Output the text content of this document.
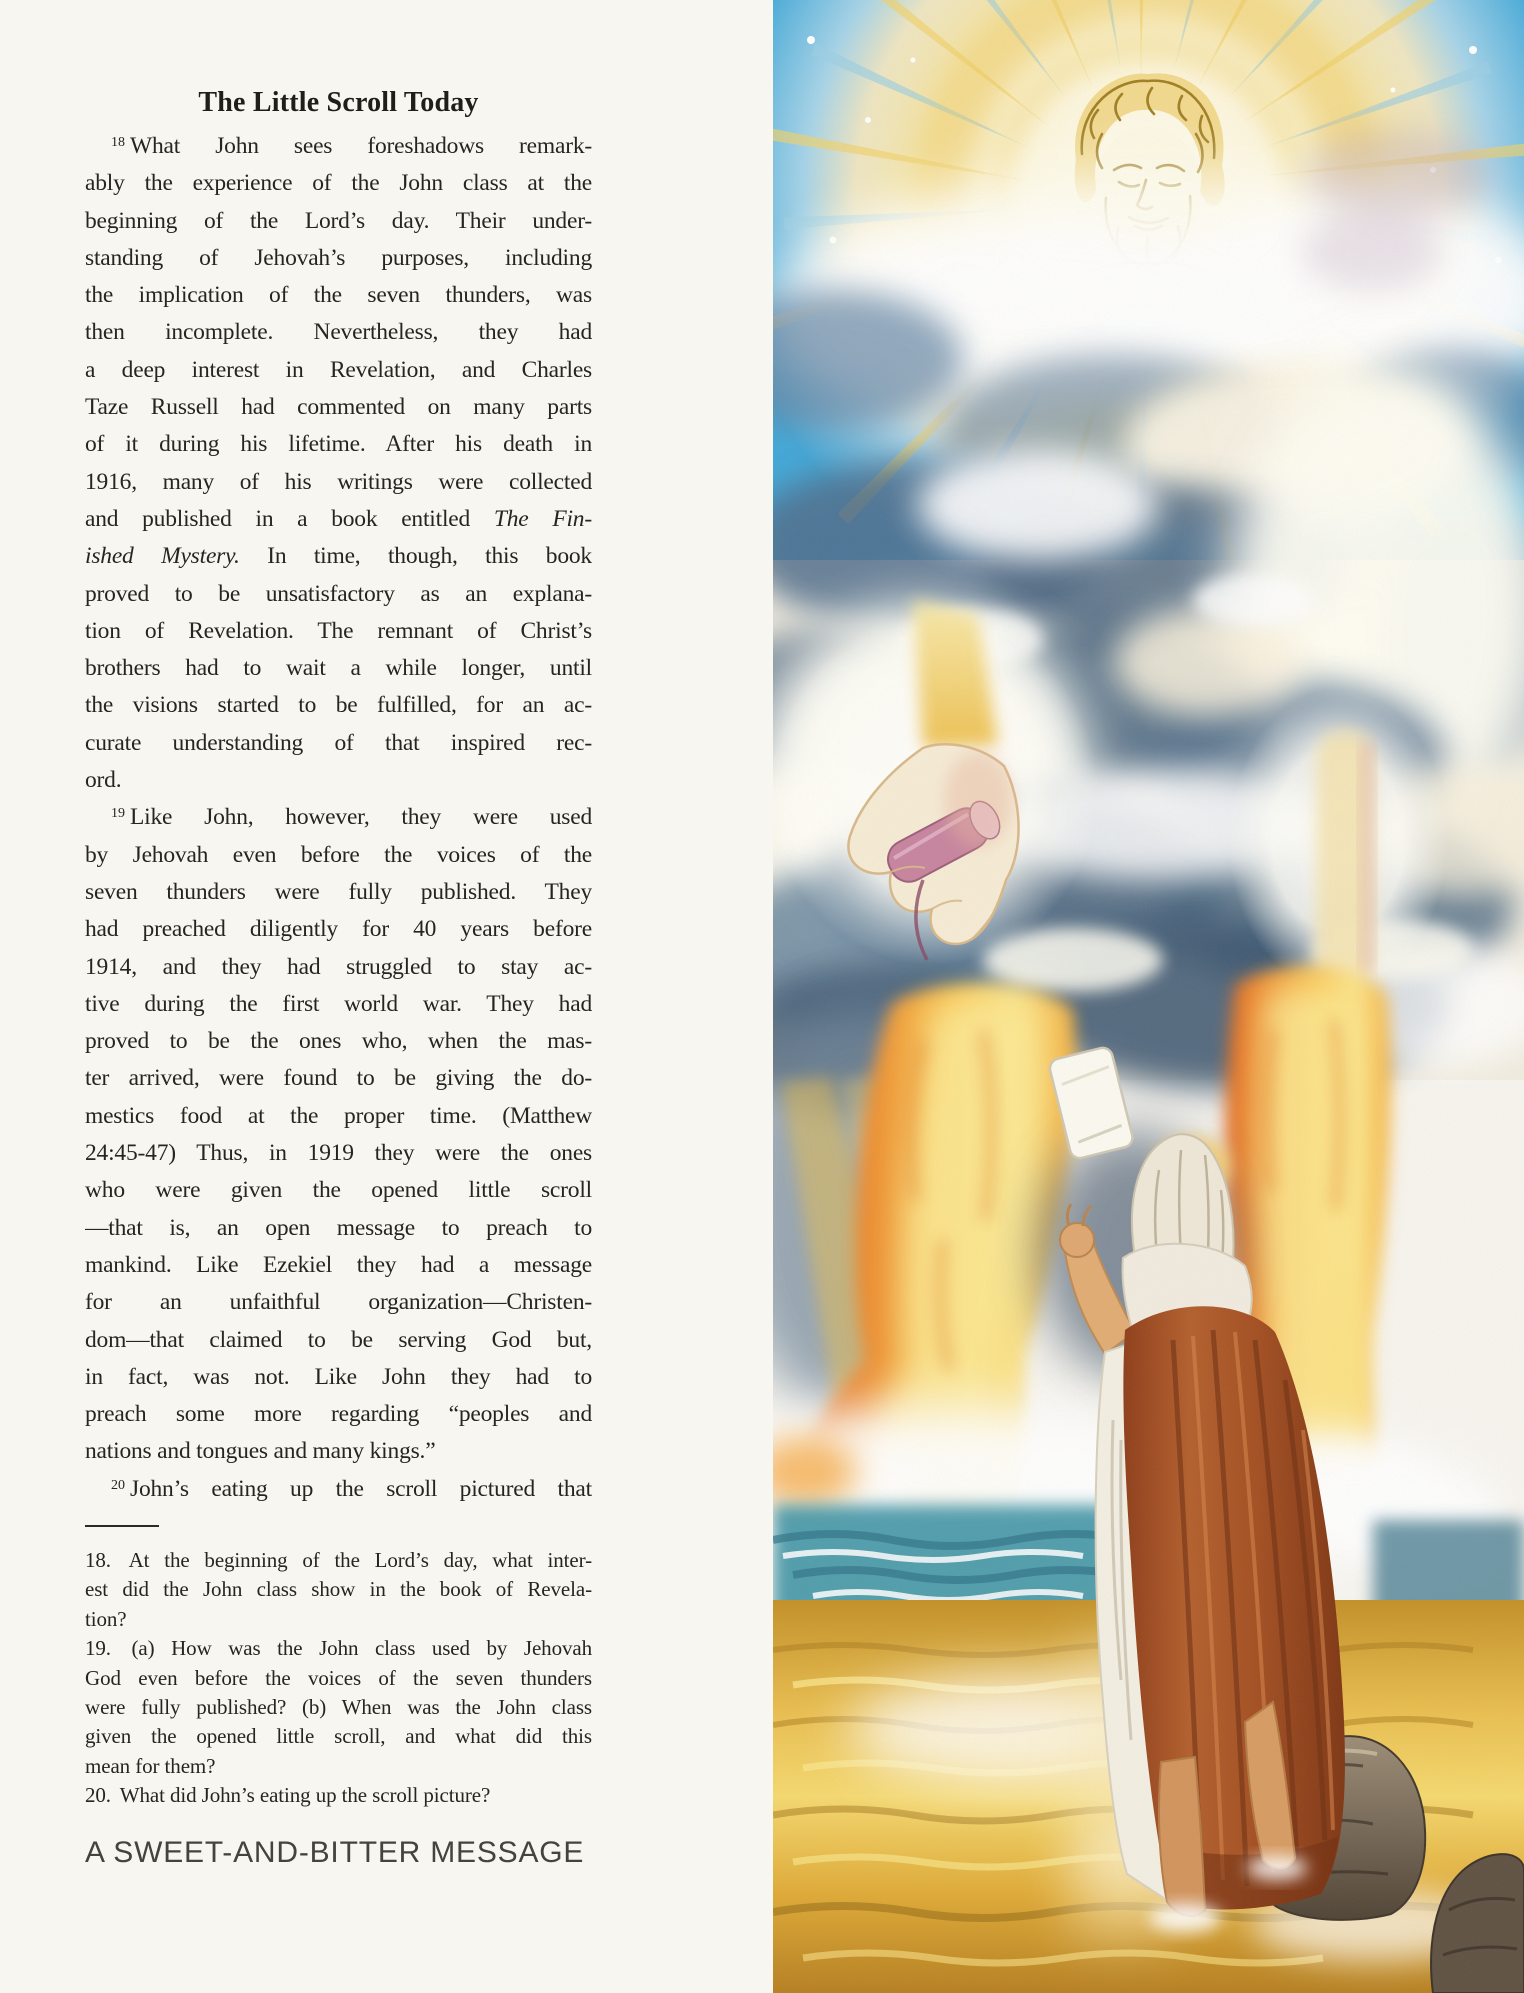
The Little Scroll Today
$^{18}$ What John sees foreshadows remark-
ably the experience of the John class at the
beginning of the Lord’s day. Their under-
standing of Jehovah’s purposes, including
the implication of the seven thunders, was
then incomplete. Nevertheless, they had
a deep interest in Revelation, and Charles
Taze Russell had commented on many parts
of it during his lifetime. After his death in
1916, many of his writings were collected
and published in a book entitled The Fin-
ished Mystery. In time, though, this book
proved to be unsatisfactory as an explana-
tion of Revelation. The remnant of Christ’s
brothers had to wait a while longer, until
the visions started to be fulfilled, for an ac-
curate understanding of that inspired rec-
ord.
$^{19}$ Like John, however, they were used
by Jehovah even before the voices of the
seven thunders were fully published. They
had preached diligently for 40 years before
1914, and they had struggled to stay ac-
tive during the first world war. They had
proved to be the ones who, when the mas-
ter arrived, were found to be giving the do-
mestics food at the proper time. (Matthew
24:45-47) Thus, in 1919 they were the ones
who were given the opened little scroll
—that is, an open message to preach to
mankind. Like Ezekiel they had a message
for an unfaithful organization—Christen-
dom—that claimed to be serving God but,
in fact, was not. Like John they had to
preach some more regarding “peoples and
nations and tongues and many kings.”
$^{20}$ John’s eating up the scroll pictured that
18. At the beginning of the Lord’s day, what inter-
est did the John class show in the book of Revela-
tion?
19. (a) How was the John class used by Jehovah
God even before the voices of the seven thunders
were fully published? (b) When was the John class
given the opened little scroll, and what did this
mean for them?
20. What did John’s eating up the scroll picture?
A SWEET-AND-BITTER MESSAGE
